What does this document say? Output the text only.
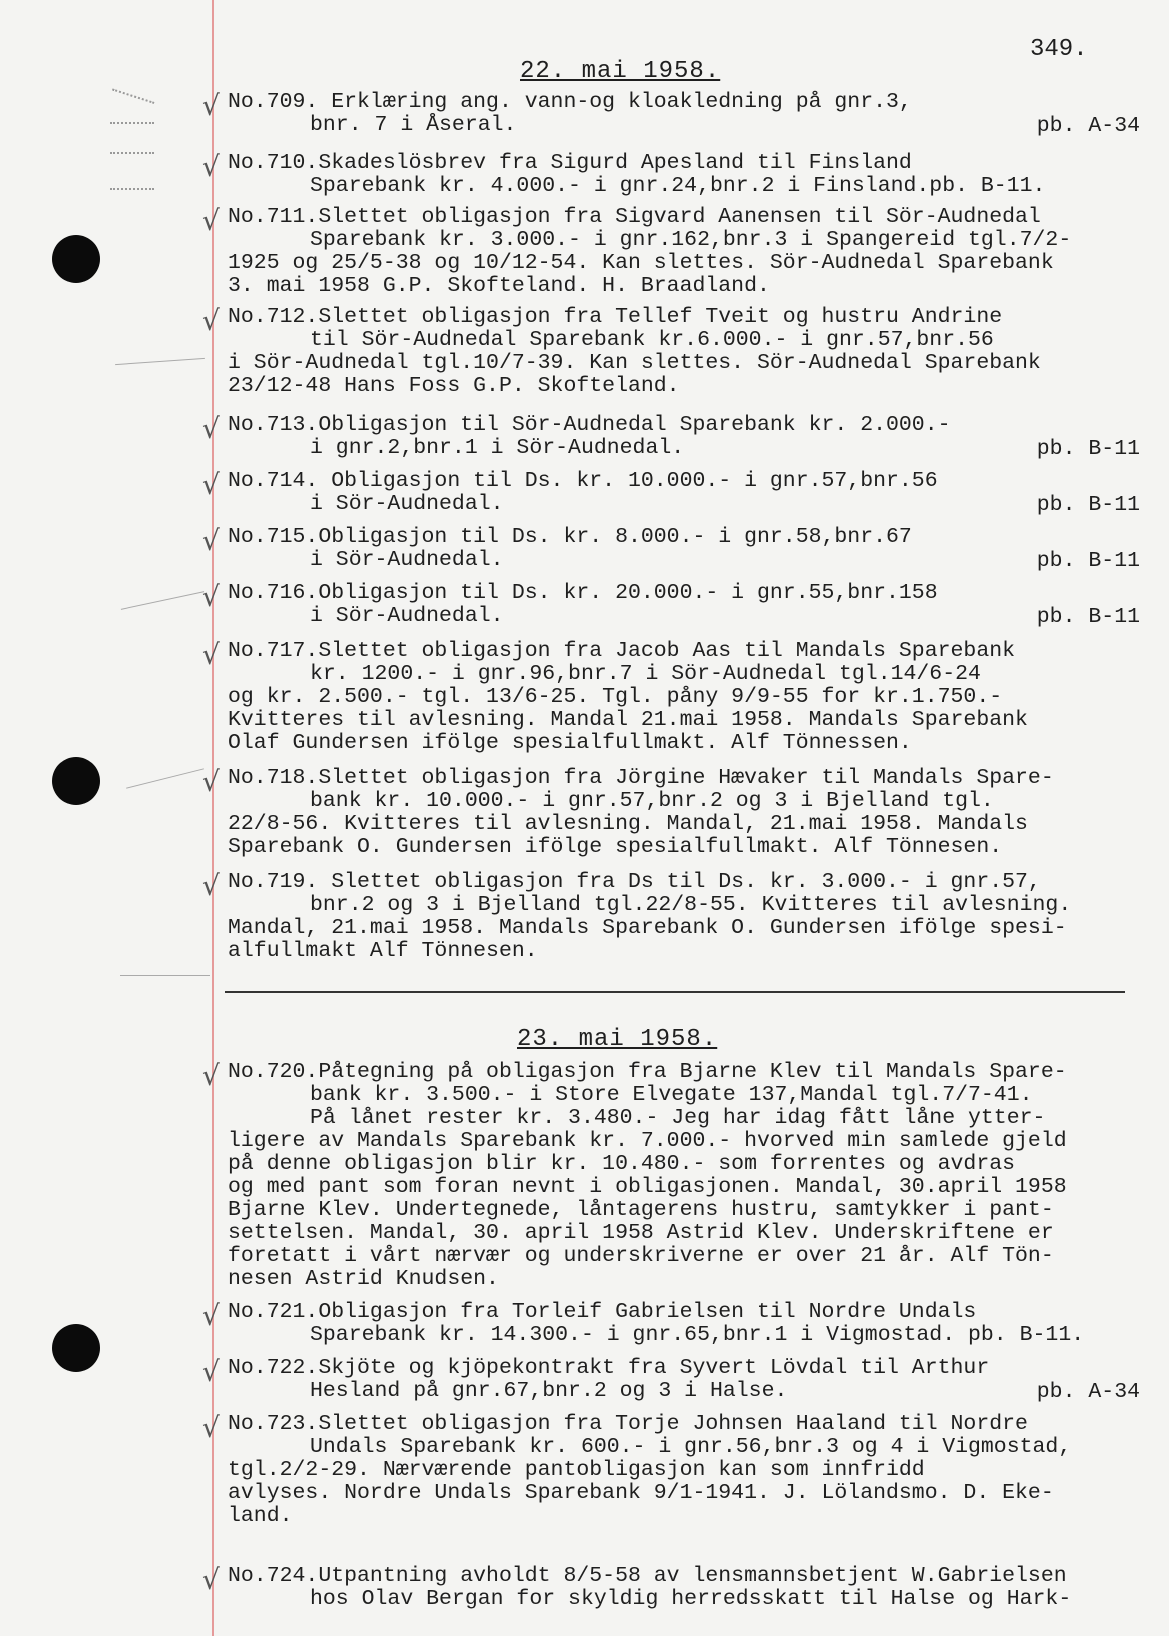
349.
22. mai 1958.
√ No.709. Erklæring ang. vann-og kloakledning på gnr.3,
bnr. 7 i Åseral.	pb. A-34
√ No.710.Skadeslösbrev fra Sigurd Apesland til Finsland
Sparebank kr. 4.000.- i gnr.24,bnr.2 i Finsland.pb. B-11.
√ No.711.Slettet obligasjon fra Sigvard Aanensen til Sör-Audnedal
Sparebank kr. 3.000.- i gnr.162,bnr.3 i Spangereid tgl.7/2-
1925 og 25/5-38 og 10/12-54. Kan slettes. Sör-Audnedal Sparebank
3. mai 1958 G.P. Skofteland. H. Braadland.
√ No.712.Slettet obligasjon fra Tellef Tveit og hustru Andrine
til Sör-Audnedal Sparebank kr.6.000.- i gnr.57,bnr.56
i Sör-Audnedal tgl.10/7-39. Kan slettes. Sör-Audnedal Sparebank
23/12-48 Hans Foss G.P. Skofteland.
√ No.713.Obligasjon til Sör-Audnedal Sparebank kr. 2.000.-
i gnr.2,bnr.1 i Sör-Audnedal.	pb. B-11
√ No.714. Obligasjon til Ds. kr. 10.000.- i gnr.57,bnr.56
i Sör-Audnedal.	pb. B-11
√ No.715.Obligasjon til Ds. kr. 8.000.- i gnr.58,bnr.67
i Sör-Audnedal.	pb. B-11
√ No.716.Obligasjon til Ds. kr. 20.000.- i gnr.55,bnr.158
i Sör-Audnedal.	pb. B-11
√ No.717.Slettet obligasjon fra Jacob Aas til Mandals Sparebank
kr. 1200.- i gnr.96,bnr.7 i Sör-Audnedal tgl.14/6-24
og kr. 2.500.- tgl. 13/6-25. Tgl. påny 9/9-55 for kr.1.750.-
Kvitteres til avlesning. Mandal 21.mai 1958. Mandals Sparebank
Olaf Gundersen ifölge spesialfullmakt. Alf Tönnessen.
√ No.718.Slettet obligasjon fra Jörgine Hævaker til Mandals Spare-
bank kr. 10.000.- i gnr.57,bnr.2 og 3 i Bjelland tgl.
22/8-56. Kvitteres til avlesning. Mandal, 21.mai 1958. Mandals
Sparebank O. Gundersen ifölge spesialfullmakt. Alf Tönnesen.
√ No.719. Slettet obligasjon fra Ds til Ds. kr. 3.000.- i gnr.57,
bnr.2 og 3 i Bjelland tgl.22/8-55. Kvitteres til avlesning.
Mandal, 21.mai 1958. Mandals Sparebank O. Gundersen ifölge spesi-
alfullmakt Alf Tönnesen.
23. mai 1958.
√ No.720.Påtegning på obligasjon fra Bjarne Klev til Mandals Spare-
bank kr. 3.500.- i Store Elvegate 137,Mandal tgl.7/7-41.
På lånet rester kr. 3.480.- Jeg har idag fått låne ytter-
ligere av Mandals Sparebank kr. 7.000.- hvorved min samlede gjeld
på denne obligasjon blir kr. 10.480.- som forrentes og avdras
og med pant som foran nevnt i obligasjonen. Mandal, 30.april 1958
Bjarne Klev. Undertegnede, låntagerens hustru, samtykker i pant-
settelsen. Mandal, 30. april 1958 Astrid Klev. Underskriftene er
foretatt i vårt nærvær og underskriverne er over 21 år. Alf Tön-
nesen Astrid Knudsen.
√ No.721.Obligasjon fra Torleif Gabrielsen til Nordre Undals
Sparebank kr. 14.300.- i gnr.65,bnr.1 i Vigmostad. pb. B-11.
√ No.722.Skjöte og kjöpekontrakt fra Syvert Lövdal til Arthur
Hesland på gnr.67,bnr.2 og 3 i Halse.	pb. A-34
√ No.723.Slettet obligasjon fra Torje Johnsen Haaland til Nordre
Undals Sparebank kr. 600.- i gnr.56,bnr.3 og 4 i Vigmostad,
tgl.2/2-29. Nærværende pantobligasjon kan som innfridd
avlyses. Nordre Undals Sparebank 9/1-1941. J. Lölandsmo. D. Eke-
land.
√ No.724.Utpantning avholdt 8/5-58 av lensmannsbetjent W.Gabrielsen
hos Olav Bergan for skyldig herredsskatt til Halse og Hark-
